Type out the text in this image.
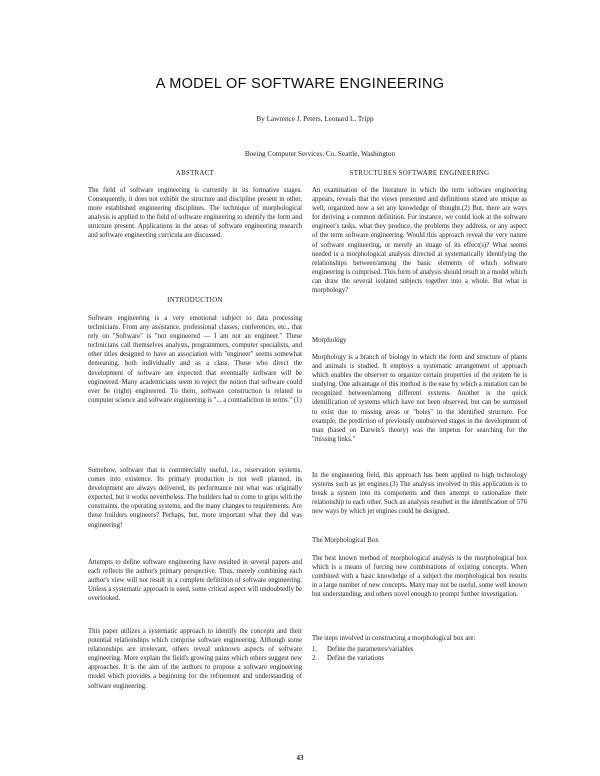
A MODEL OF SOFTWARE ENGINEERING
By Lawrence J. Peters, Leonard L. Tripp
Boeing Computer Services, Co. Seattle, Washington
ABSTRACT

The field of software engineering is currently in its formative stages. Consequently, it does not exhibit the structure and discipline present in other, more established engineering disciplines. The technique of morphological analysis is applied to the field of software engineering to identify the form and structure present. Applications in the areas of software engineering research and software engineering curricula are discussed.

INTRODUCTION

Software engineering is a very emotional subject to data processing technicians. From any assistance, professional classes, conferences, etc., that rely on "Software" is "not engineered — I am not an engineer." These technicians call themselves analysts, programmers, computer specialists, and other titles designed to have an association with "engineer" seems somewhat demeaning, both individually and as a class. Those who direct the development of software are expected that eventually software will be engineered. Many academicians seem to reject the notion that software could ever be (right) engineered. To them, software construction is related to computer science and software engineering is "... a contradiction in terms." (1)

Somehow, software that is commercially useful, i.e., reservation systems, comes into existence. Its primary production is not well planned, its development are always delivered, its performance not what was originally expected, but it works nevertheless. The builders had to come to grips with the constraints, the operating systems, and the many changes to requirements. Are these builders engineers? Perhaps, but, more important what they did was engineering!

Attempts to define software engineering have resulted in several papers and each reflects the author's primary perspective. Thus, merely combining each author's view will not result in a complete definition of software engineering. Unless a systematic approach is used, some critical aspect will undoubtedly be overlooked.

This paper utilizes a systematic approach to identify the concepts and their potential relationships which comprise software engineering. Although some relationships are irrelevant, others reveal unknown aspects of software engineering. More explain the field's growing pains which others suggest new approaches. It is the aim of the authors to propose a software engineering model which provides a beginning for the refinement and understanding of software engineering.

STRUCTURES SOFTWARE ENGINEERING

An examination of the literature in which the term software engineering appears, reveals that the views presented and definitions stated are unique as well, organized now a set any knowledge of thought.(2) But, there are ways for deriving a common definition. For instance, we could look at the software engineer's tasks, what they produce, the problems they address, or any aspect of the term software engineering. Would this approach reveal the very nature of software engineering, or merely an image of its effect(s)? What seems needed is a morphological analysis directed at systematically identifying the relationships between/among the basic elements of which software engineering is comprised. This form of analysis should result in a model which can draw the several isolated subjects together into a whole. But what is morphology?

Morphology

Morphology is a branch of biology in which the form and structure of plants and animals is studied. It employs a systematic arrangement of approach which enables the observer to organize certain properties of the system he is studying. One advantage of this method is the ease by which a mutation can be recognized between/among different systems. Another is the quick identification of systems which have not been observed, but can be surmised to exist due to missing areas or "holes" in the identified structure. For example, the prediction of previously unobserved stages in the development of man (based on Darwin's theory) was the impetus for searching for the "missing links."

In the engineering field, this approach has been applied to high technology systems such as jet engines.(3) The analysis involved in this application is to break a system into its components and then attempt to rationalize their relationship to each other. Such an analysis resulted in the identification of 576 new ways by which jet engines could be designed.

The Morphological Box

The best known method of morphological analysis is the morphological box which is a means of forcing new combinations of existing concepts. When combined with a basic knowledge of a subject the morphological box results in a large number of new concepts. Many may not be useful, some well known but understanding, and others novel enough to prompt further investigation.

The steps involved in constructing a morphological box are:

1.	Define the parameters/variables
2.	Define the variations
43
